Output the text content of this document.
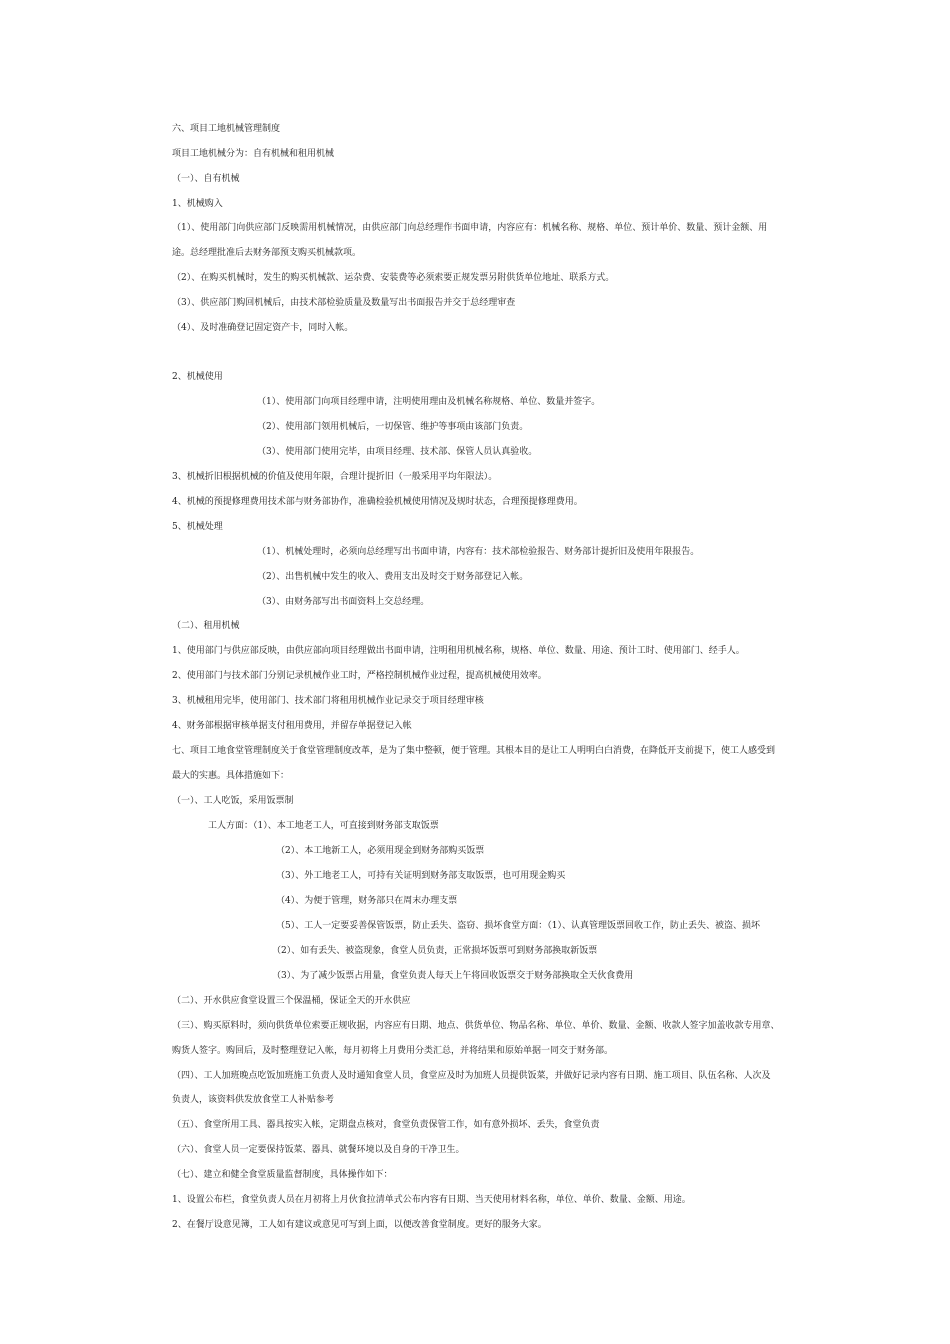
六、项目工地机械管理制度
项目工地机械分为：自有机械和租用机械
（一）、自有机械
1、机械购入
（1）、使用部门向供应部门反映需用机械情况，由供应部门向总经理作书面申请，内容应有：机械名称、规格、单位、预计单价、数量、预计金额、用
途。总经理批准后去财务部预支购买机械款项。
（2）、在购买机械时，发生的购买机械款、运杂费、安装费等必须索要正规发票另附供货单位地址、联系方式。
（3）、供应部门购回机械后，由技术部检验质量及数量写出书面报告并交于总经理审查
（4）、及时准确登记固定资产卡，同时入帐。
2、机械使用
（1）、使用部门向项目经理申请，注明使用理由及机械名称规格、单位、数量并签字。
（2）、使用部门领用机械后，一切保管、维护等事项由该部门负责。
（3）、使用部门使用完毕，由项目经理、技术部、保管人员认真验收。
3、机械折旧根据机械的价值及使用年限，合理计提折旧（一般采用平均年限法）。
4、机械的预提修理费用技术部与财务部协作，准确检验机械使用情况及规时状态，合理预提修理费用。
5、机械处理
（1）、机械处理时，必须向总经理写出书面申请，内容有：技术部检验报告、财务部计提折旧及使用年限报告。
（2）、出售机械中发生的收入、费用支出及时交于财务部登记入帐。
（3）、由财务部写出书面资料上交总经理。
（二）、租用机械
1、使用部门与供应部反映，由供应部向项目经理做出书面申请，注明租用机械名称，规格、单位、数量、用途、预计工时、使用部门、经手人。
2、使用部门与技术部门分别记录机械作业工时，严格控制机械作业过程，提高机械使用效率。
3、机械租用完毕，使用部门、技术部门将租用机械作业记录交于项目经理审核
4、财务部根据审核单据支付租用费用，并留存单据登记入帐
七、项目工地食堂管理制度关于食堂管理制度改革，是为了集中整顿，便于管理。其根本目的是让工人明明白白消费，在降低开支前提下，使工人感受到
最大的实惠。具体措施如下：
（一）、工人吃饭，采用饭票制
工人方面：（1）、本工地老工人，可直接到财务部支取饭票
（2）、本工地新工人，必须用现金到财务部购买饭票
（3）、外工地老工人，可持有关证明到财务部支取饭票，也可用现金购买
（4）、为便于管理，财务部只在周末办理支票
（5）、工人一定要妥善保管饭票，防止丢失、盗窃、损坏食堂方面：（1）、认真管理饭票回收工作，防止丢失、被盗、损坏
（2）、如有丢失、被盗现象，食堂人员负责，正常损坏饭票可到财务部换取新饭票
（3）、为了减少饭票占用量，食堂负责人每天上午将回收饭票交于财务部换取全天伙食费用
（二）、开水供应食堂设置三个保温桶，保证全天的开水供应
（三）、购买原料时，须向供货单位索要正规收据，内容应有日期、地点、供货单位、物品名称、单位、单价、数量、金额、收款人签字加盖收款专用章、
购货人签字。购回后，及时整理登记入帐，每月初将上月费用分类汇总，并将结果和原始单据一同交于财务部。
（四）、工人加班晚点吃饭加班施工负责人及时通知食堂人员，食堂应及时为加班人员提供饭菜，并做好记录内容有日期、施工项目、队伍名称、人次及
负责人，该资料供发放食堂工人补贴参考
（五）、食堂所用工具、器具按实入帐，定期盘点核对，食堂负责保管工作，如有意外损坏、丢失，食堂负责
（六）、食堂人员一定要保持饭菜、器具、就餐环境以及自身的干净卫生。
（七）、建立和健全食堂质量监督制度，具体操作如下：
1、设置公布栏，食堂负责人员在月初将上月伙食拉清单式公布内容有日期、当天使用材料名称，单位、单价、数量、金额、用途。
2、在餐厅设意见簿，工人如有建议或意见可写到上面，以便改善食堂制度。更好的服务大家。
